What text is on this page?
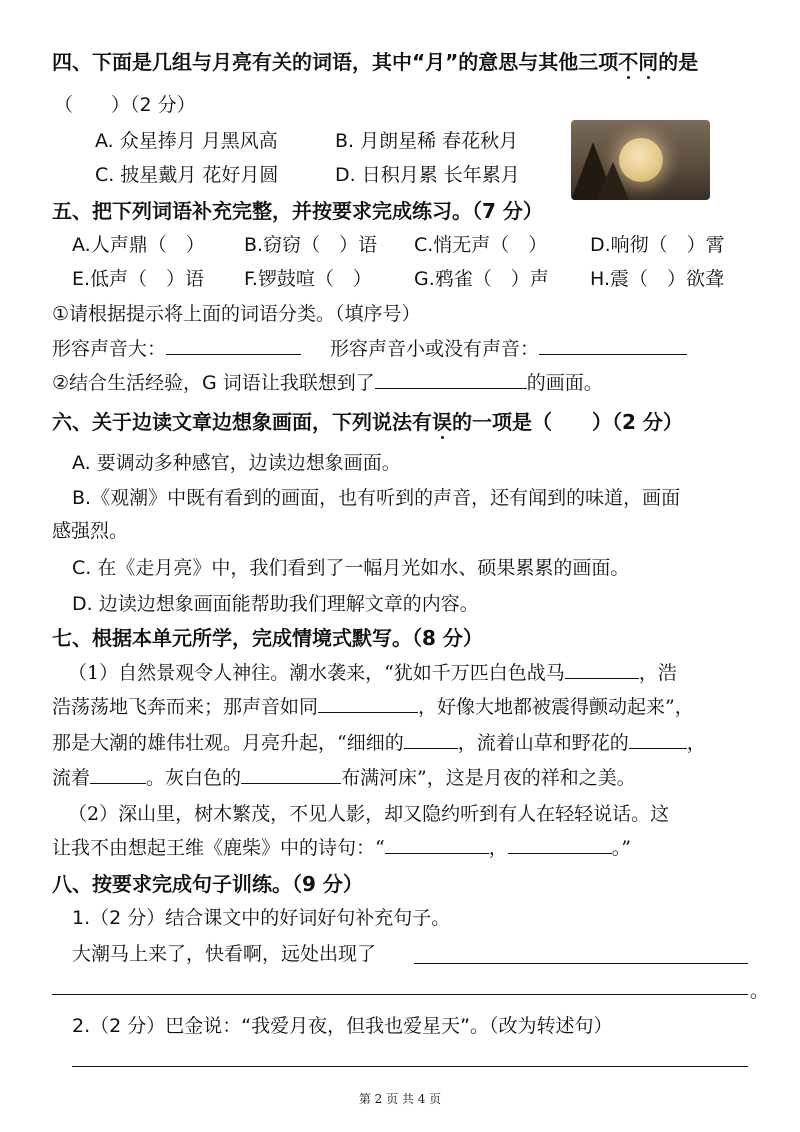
四、下面是几组与月亮有关的词语，其中“月”的意思与其他三项不同的是
（　　）（2 分）
A. 众星捧月 月黑风高	B. 月朗星稀 春花秋月
C. 披星戴月 花好月圆	D. 日积月累 长年累月
五、把下列词语补充完整，并按要求完成练习。（7 分）
A.人声鼎（　） B.窃窃（　）语 C.悄无声（　） D.响彻（　）霄
E.低声（　）语 F.锣鼓喧（　） G.鸦雀（　）声 H.震（　）欲聋
①请根据提示将上面的词语分类。（填序号）
形容声音大：	形容声音小或没有声音：
②结合生活经验，G 词语让我联想到了	的画面。
六、关于边读文章边想象画面，下列说法有误的一项是（　　）（2 分）
A. 要调动多种感官，边读边想象画面。
B.《观潮》中既有看到的画面，也有听到的声音，还有闻到的味道，画面
感强烈。
C. 在《走月亮》中，我们看到了一幅月光如水、硕果累累的画面。
D. 边读边想象画面能帮助我们理解文章的内容。
七、根据本单元所学，完成情境式默写。（8 分）
（1）自然景观令人神往。潮水袭来，“犹如千万匹白色战马	，浩
浩荡荡地飞奔而来；那声音如同	，好像大地都被震得颤动起来”，
那是大潮的雄伟壮观。月亮升起，“细细的	，流着山草和野花的	，
流着	。灰白色的	布满河床”，这是月夜的祥和之美。
（2）深山里，树木繁茂，不见人影，却又隐约听到有人在轻轻说话。这
让我不由想起王维《鹿柴》中的诗句：“	，	。”
八、按要求完成句子训练。（9 分）
1.（2 分）结合课文中的好词好句补充句子。
大潮马上来了，快看啊，远处出现了
。
2.（2 分）巴金说：“我爱月夜，但我也爱星天”。（改为转述句）
第 2 页 共 4 页
